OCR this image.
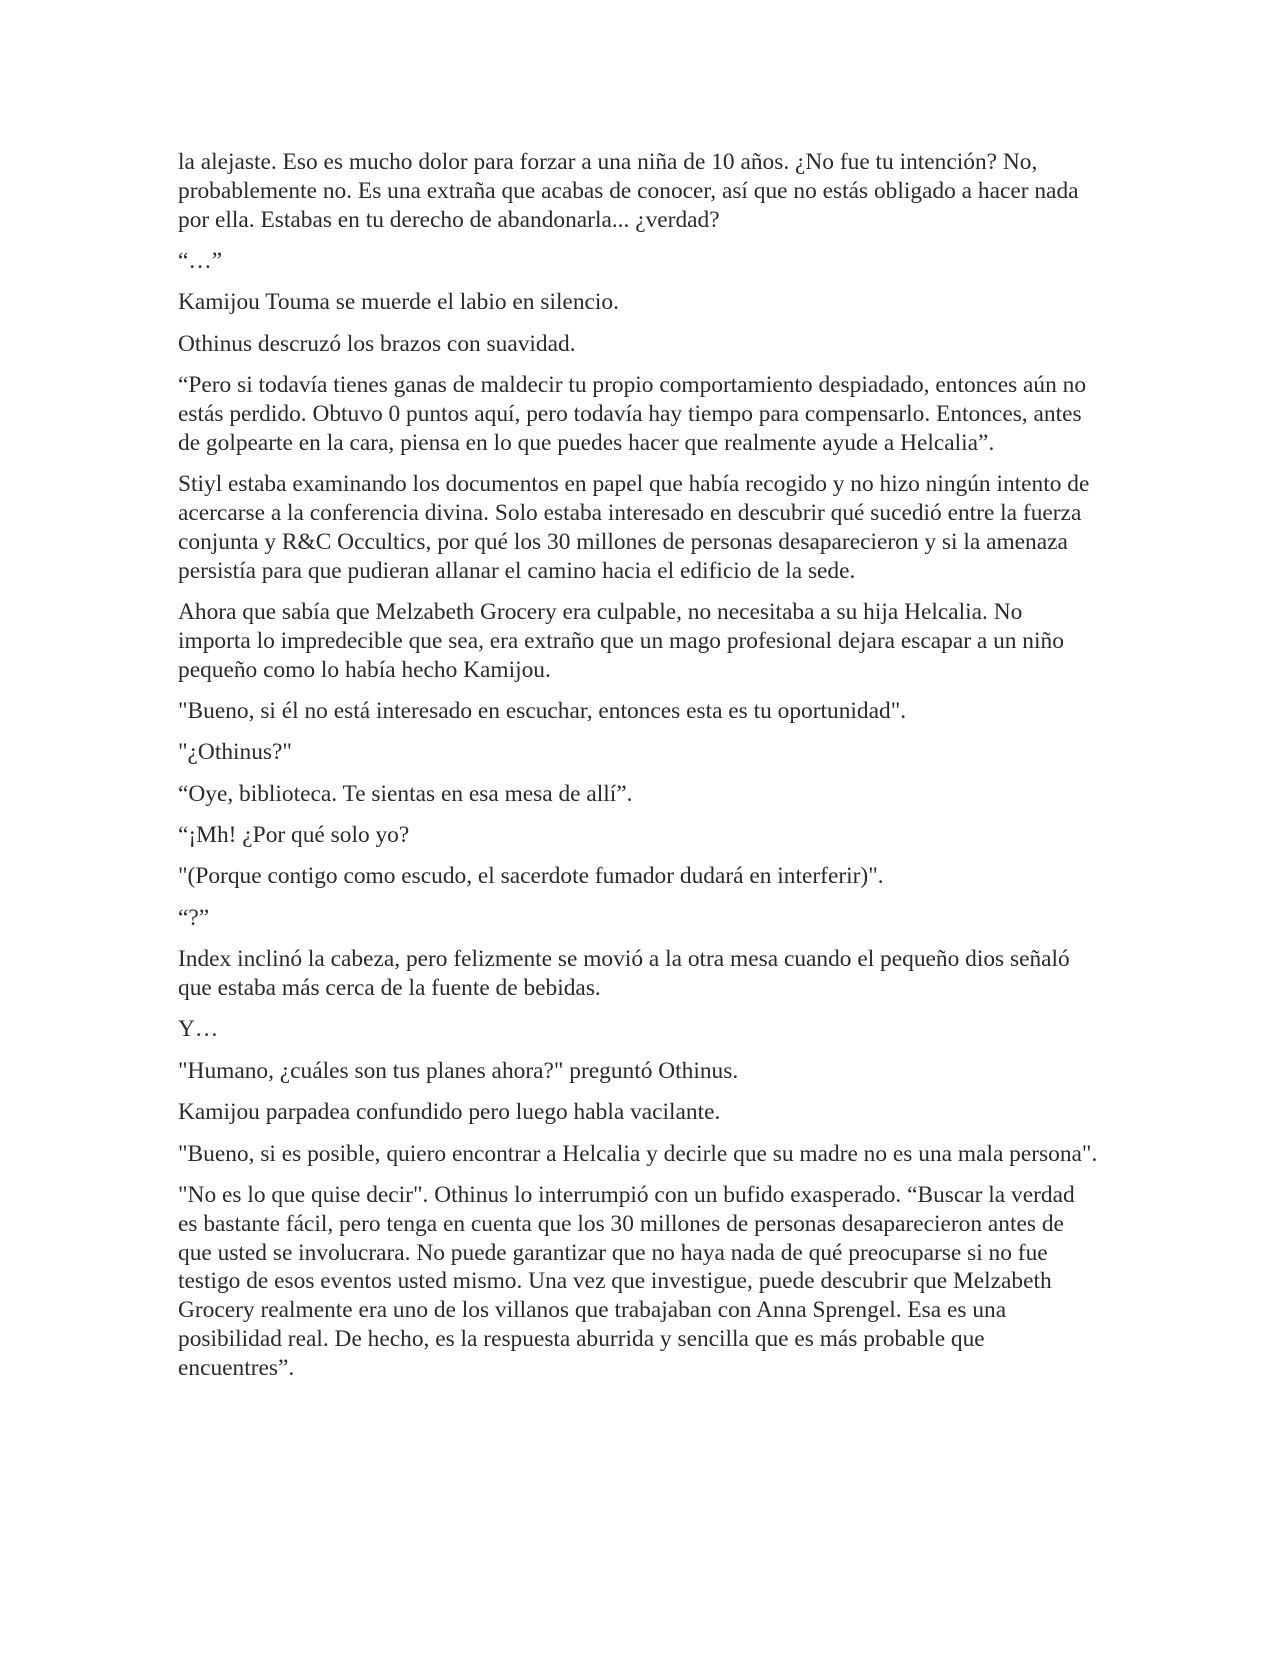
la alejaste. Eso es mucho dolor para forzar a una niña de 10 años. ¿No fue tu intención? No, probablemente no. Es una extraña que acabas de conocer, así que no estás obligado a hacer nada por ella. Estabas en tu derecho de abandonarla... ¿verdad?

“…”

Kamijou Touma se muerde el labio en silencio.

Othinus descruzó los brazos con suavidad.

“Pero si todavía tienes ganas de maldecir tu propio comportamiento despiadado, entonces aún no estás perdido. Obtuvo 0 puntos aquí, pero todavía hay tiempo para compensarlo. Entonces, antes de golpearte en la cara, piensa en lo que puedes hacer que realmente ayude a Helcalia”.

Stiyl estaba examinando los documentos en papel que había recogido y no hizo ningún intento de acercarse a la conferencia divina. Solo estaba interesado en descubrir qué sucedió entre la fuerza conjunta y R&C Occultics, por qué los 30 millones de personas desaparecieron y si la amenaza persistía para que pudieran allanar el camino hacia el edificio de la sede.

Ahora que sabía que Melzabeth Grocery era culpable, no necesitaba a su hija Helcalia. No importa lo impredecible que sea, era extraño que un mago profesional dejara escapar a un niño pequeño como lo había hecho Kamijou.

"Bueno, si él no está interesado en escuchar, entonces esta es tu oportunidad".

"¿Othinus?"

“Oye, biblioteca. Te sientas en esa mesa de allí”.

“¡Mh! ¿Por qué solo yo?

"(Porque contigo como escudo, el sacerdote fumador dudará en interferir)".

“?”

Index inclinó la cabeza, pero felizmente se movió a la otra mesa cuando el pequeño dios señaló que estaba más cerca de la fuente de bebidas.

Y…

"Humano, ¿cuáles son tus planes ahora?" preguntó Othinus.

Kamijou parpadea confundido pero luego habla vacilante.

"Bueno, si es posible, quiero encontrar a Helcalia y decirle que su madre no es una mala persona".

"No es lo que quise decir". Othinus lo interrumpió con un bufido exasperado. “Buscar la verdad es bastante fácil, pero tenga en cuenta que los 30 millones de personas desaparecieron antes de que usted se involucrara. No puede garantizar que no haya nada de qué preocuparse si no fue testigo de esos eventos usted mismo. Una vez que investigue, puede descubrir que Melzabeth Grocery realmente era uno de los villanos que trabajaban con Anna Sprengel. Esa es una posibilidad real. De hecho, es la respuesta aburrida y sencilla que es más probable que encuentres”.
